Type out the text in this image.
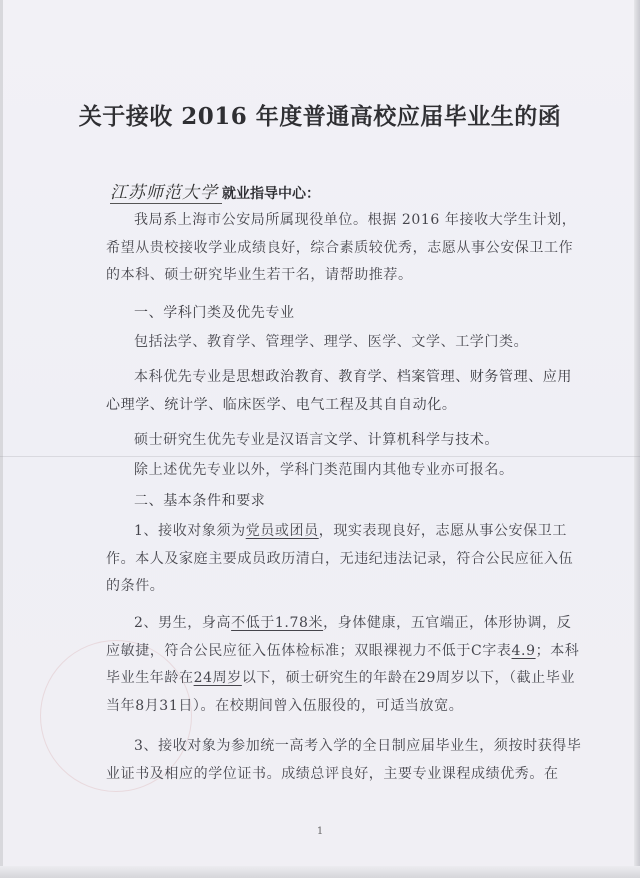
关于接收 2016 年度普通高校应届毕业生的函
江苏师范大学 就业指导中心：
我局系上海市公安局所属现役单位。根据 2016 年接收大学生计划，希望从贵校接收学业成绩良好，综合素质较优秀，志愿从事公安保卫工作的本科、硕士研究毕业生若干名，请帮助推荐。
一、学科门类及优先专业
包括法学、教育学、管理学、理学、医学、文学、工学门类。
本科优先专业是思想政治教育、教育学、档案管理、财务管理、应用心理学、统计学、临床医学、电气工程及其自自动化。
硕士研究生优先专业是汉语言文学、计算机科学与技术。
除上述优先专业以外，学科门类范围内其他专业亦可报名。
二、基本条件和要求
1、接收对象须为党员或团员，现实表现良好，志愿从事公安保卫工作。本人及家庭主要成员政历清白，无违纪违法记录，符合公民应征入伍的条件。
2、男生，身高不低于1.78米，身体健康，五官端正，体形协调，反应敏捷，符合公民应征入伍体检标准；双眼裸视力不低于C字表4.9；本科毕业生年龄在24周岁以下，硕士研究生的年龄在29周岁以下，（截止毕业当年8月31日）。在校期间曾入伍服役的，可适当放宽。
3、接收对象为参加统一高考入学的全日制应届毕业生，须按时获得毕业证书及相应的学位证书。成绩总评良好，主要专业课程成绩优秀。在
1
